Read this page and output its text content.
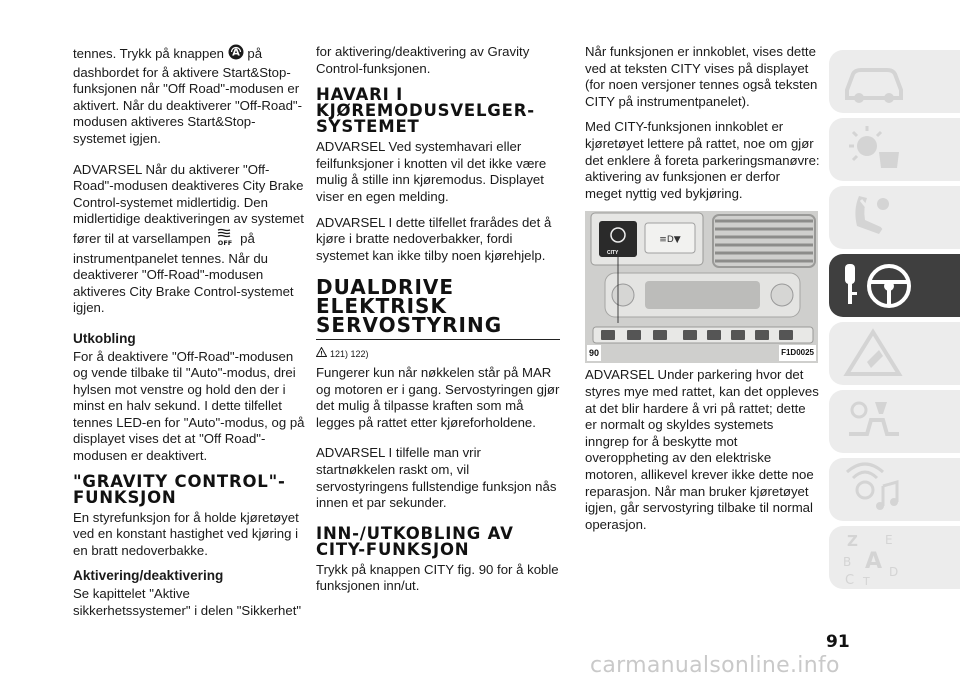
tennes. Trykk på knappen A på dashbordet for å aktivere Start&Stop-funksjonen når "Off Road"-modusen er aktivert. Når du deaktiverer "Off-Road"-modusen aktiveres Start&Stop-systemet igjen.

ADVARSEL Når du aktiverer "Off-Road"-modusen deaktiveres City Brake Control-systemet midlertidig. Den midlertidige deaktiveringen av systemet fører til at varsellampen OFF på instrumentpanelet tennes. Når du deaktiverer "Off-Road"-modusen aktiveres City Brake Control-systemet igjen.

Utkobling

For å deaktivere "Off-Road"-modusen og vende tilbake til "Auto"-modus, drei hylsen mot venstre og hold den der i minst en halv sekund. I dette tilfellet tennes LED-en for "Auto"-modus, og på displayet vises det at "Off Road"-modusen er deaktivert.

"GRAVITY CONTROL"-FUNKSJON

En styrefunksjon for å holde kjøretøyet ved en konstant hastighet ved kjøring i en bratt nedoverbakke.

Aktivering/deaktivering

Se kapittelet "Aktive sikkerhetssystemer" i delen "Sikkerhet"

for aktivering/deaktivering av Gravity Control-funksjonen.

HAVARI I KJØREMODUSVELGER-SYSTEMET

ADVARSEL Ved systemhavari eller feilfunksjoner i knotten vil det ikke være mulig å stille inn kjøremodus. Displayet viser en egen melding.

ADVARSEL I dette tilfellet frarådes det å kjøre i bratte nedoverbakker, fordi systemet kan ikke tilby noen kjørehjelp.

DUALDRIVE ELEKTRISK SERVOSTYRING
! 121) 122)

Fungerer kun når nøkkelen står på MAR og motoren er i gang. Servostyringen gjør det mulig å tilpasse kraften som må legges på rattet etter kjøreforholdene.

ADVARSEL I tilfelle man vrir startnøkkelen raskt om, vil servostyringens fullstendige funksjon nås innen et par sekunder.

INN-/UTKOBLING AV CITY-FUNKSJON

Trykk på knappen CITY fig. 90 for å koble funksjonen inn/ut.

Når funksjonen er innkoblet, vises dette ved at teksten CITY vises på displayet (for noen versjoner tennes også teksten CITY på instrumentpanelet).

Med CITY-funksjonen innkoblet er kjøretøyet lettere på rattet, noe om gjør det enklere å foreta parkeringsmanøvre: aktivering av funksjonen er derfor meget nyttig ved bykjøring.

≡D▼
CITY
90	F1D0025

ADVARSEL Under parkering hvor det styres mye med rattet, kan det oppleves at det blir hardere å vri på rattet; dette er normalt og skyldes systemets inngrep for å beskytte mot overoppheting av den elektriske motoren, allikevel krever ikke dette noe reparasjon. Når man bruker kjøretøyet igjen, går servostyring tilbake til normal operasjon.

Z E
B A
C T
D
91
carmanualsonline.info
